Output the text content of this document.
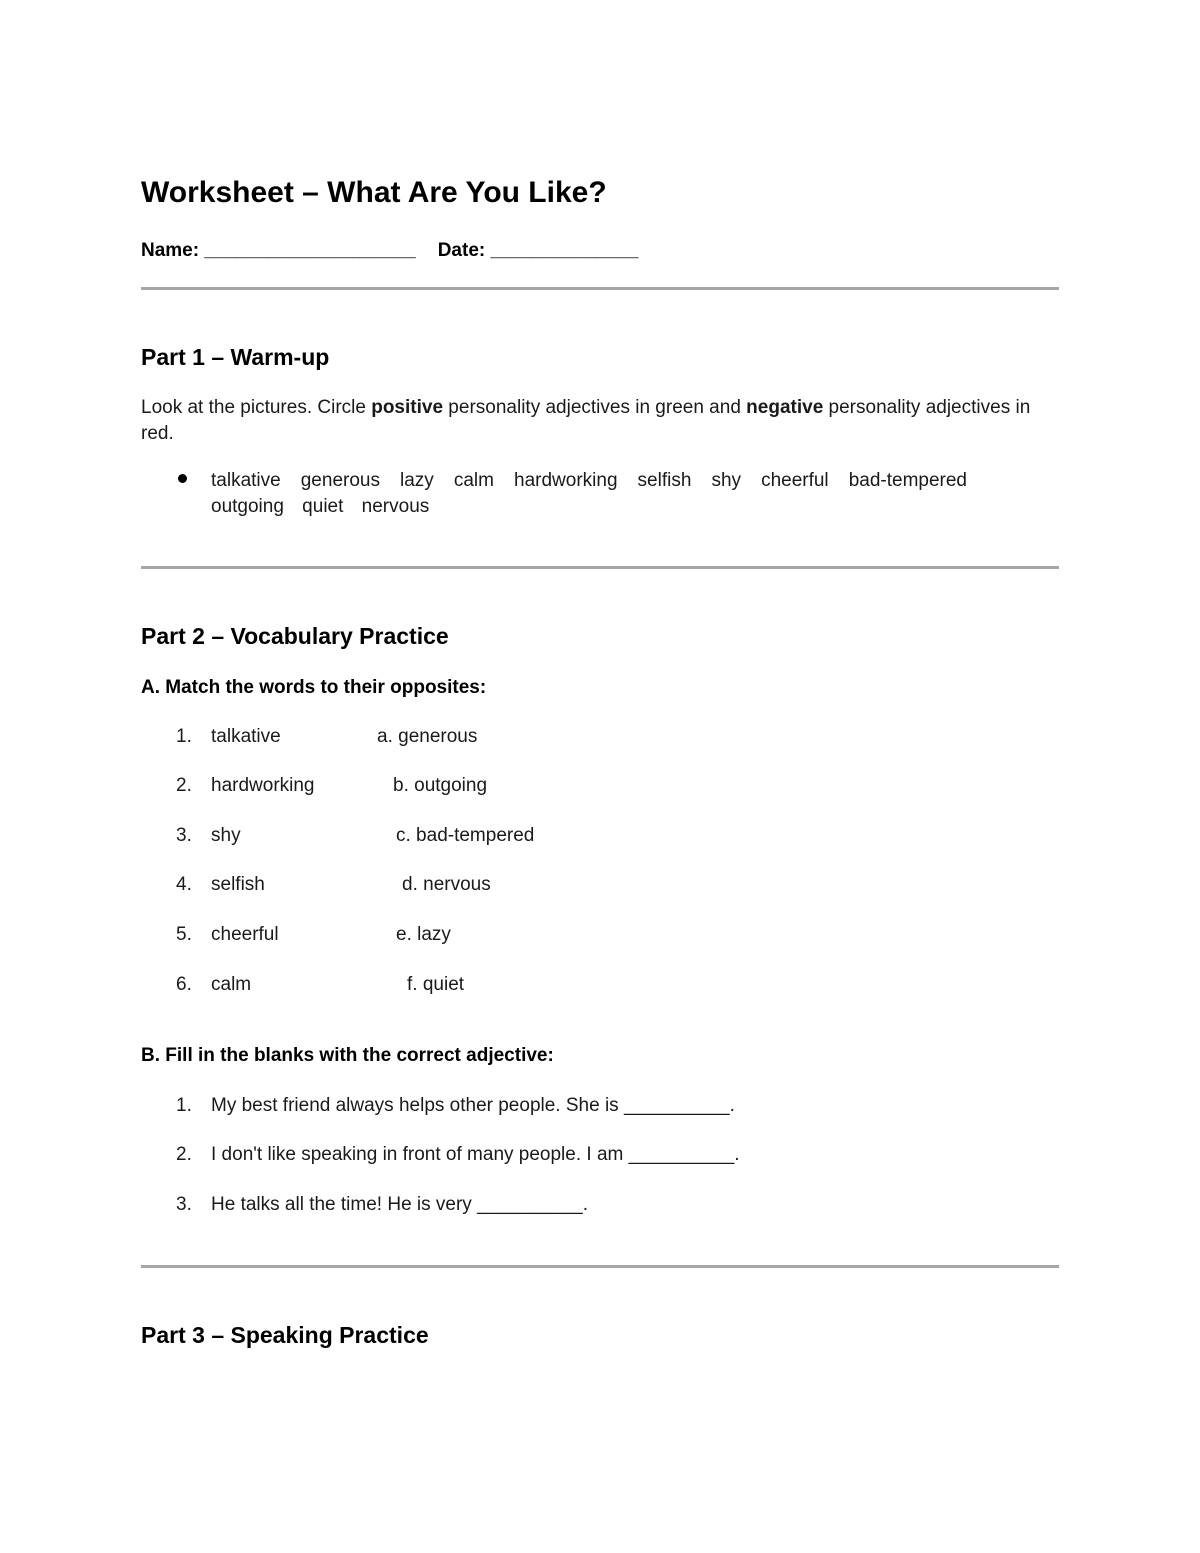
Worksheet – What Are You Like?
Name: ____________________ Date: ______________
Part 1 – Warm-up
Look at the pictures. Circle positive personality adjectives in green and negative personality adjectives in red.
talkative generous lazy calm hardworking selfish shy cheerful bad-tempered outgoing quiet nervous
Part 2 – Vocabulary Practice
A. Match the words to their opposites:
1. talkative	a. generous
2. hardworking	b. outgoing
3. shy	c. bad-tempered
4. selfish	d. nervous
5. cheerful	e. lazy
6. calm	f. quiet
B. Fill in the blanks with the correct adjective:
1. My best friend always helps other people. She is __________.
2. I don't like speaking in front of many people. I am __________.
3. He talks all the time! He is very __________.
Part 3 – Speaking Practice
